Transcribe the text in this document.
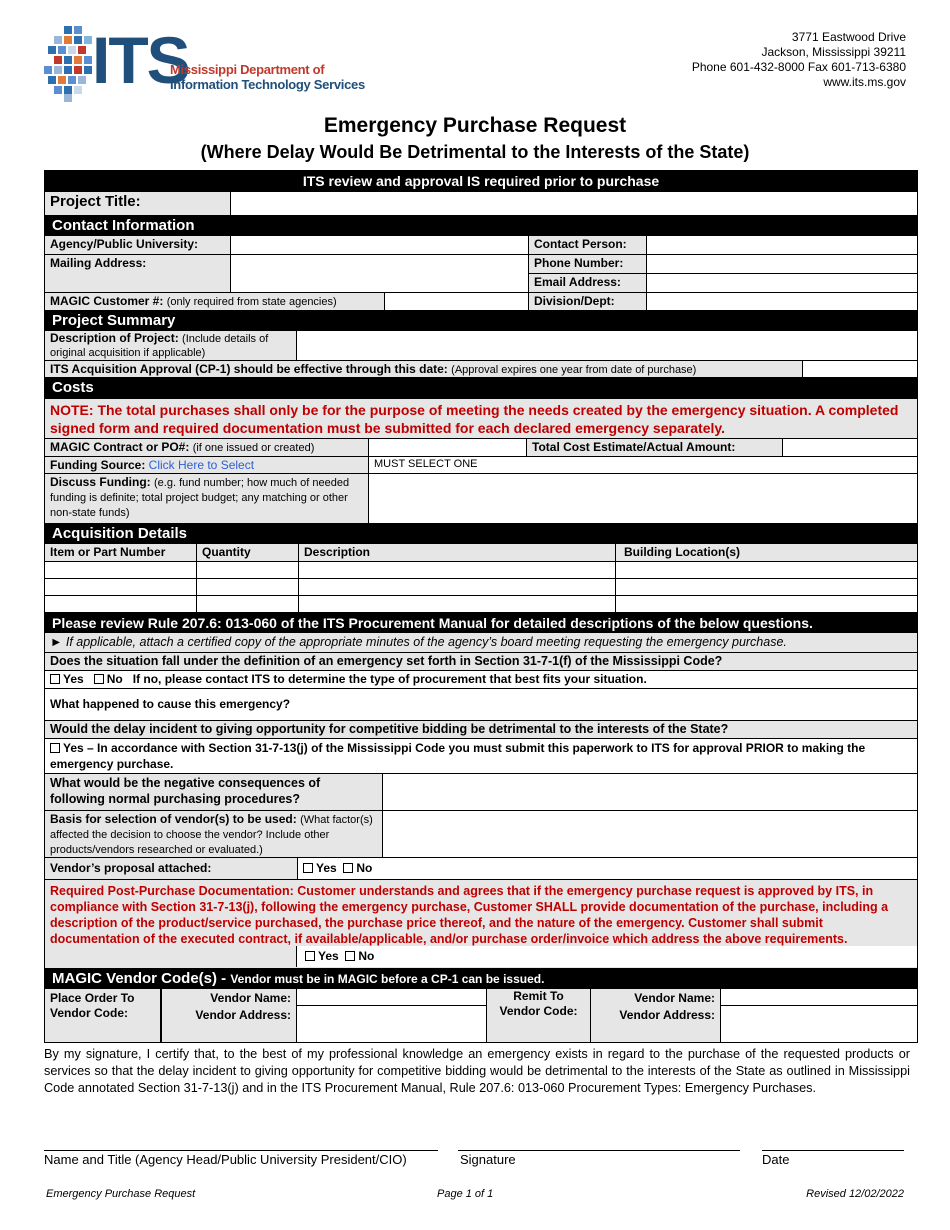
ITS
Mississippi Department of
Information Technology Services
3771 Eastwood Drive
Jackson, Mississippi 39211
Phone 601-432-8000 Fax 601-713-6380
www.its.ms.gov
Emergency Purchase Request
(Where Delay Would Be Detrimental to the Interests of the State)
ITS review and approval IS required prior to purchase
Project Title:
Contact Information
Agency/Public University:	Contact Person:
Mailing Address:	Phone Number:
Email Address:
MAGIC Customer #: (only required from state agencies)	Division/Dept:
Project Summary
Description of Project: (Include details of original acquisition if applicable)
ITS Acquisition Approval (CP-1) should be effective through this date: (Approval expires one year from date of purchase)
Costs
NOTE: The total purchases shall only be for the purpose of meeting the needs created by the emergency situation. A completed signed form and required documentation must be submitted for each declared emergency separately.
MAGIC Contract or PO#: (if one issued or created)	Total Cost Estimate/Actual Amount:
Funding Source: Click Here to Select	MUST SELECT ONE
Discuss Funding: (e.g. fund number; how much of needed funding is definite; total project budget; any matching or other non-state funds)
Acquisition Details
Item or Part Number	Quantity	Description	Building Location(s)
Please review Rule 207.6: 013-060 of the ITS Procurement Manual for detailed descriptions of the below questions.
► If applicable, attach a certified copy of the appropriate minutes of the agency’s board meeting requesting the emergency purchase.
Does the situation fall under the definition of an emergency set forth in Section 31-7-1(f) of the Mississippi Code?
Yes No If no, please contact ITS to determine the type of procurement that best fits your situation.
What happened to cause this emergency?
Would the delay incident to giving opportunity for competitive bidding be detrimental to the interests of the State?
Yes – In accordance with Section 31-7-13(j) of the Mississippi Code you must submit this paperwork to ITS for approval PRIOR to making the emergency purchase.
What would be the negative consequences of following normal purchasing procedures?
Basis for selection of vendor(s) to be used: (What factor(s) affected the decision to choose the vendor? Include other products/vendors researched or evaluated.)
Vendor’s proposal attached:	Yes No
Required Post-Purchase Documentation: Customer understands and agrees that if the emergency purchase request is approved by ITS, in compliance with Section 31-7-13(j), following the emergency purchase, Customer SHALL provide documentation of the purchase, including a description of the product/service purchased, the purchase price thereof, and the nature of the emergency. Customer shall submit documentation of the executed contract, if available/applicable, and/or purchase order/invoice which address the above requirements.
Yes No
MAGIC Vendor Code(s) - Vendor must be in MAGIC before a CP-1 can be issued.
Place Order To Vendor Code:
Vendor Name:
Vendor Address:
Remit To Vendor Code:
Vendor Name:
Vendor Address:
By my signature, I certify that, to the best of my professional knowledge an emergency exists in regard to the purchase of the requested products or services so that the delay incident to giving opportunity for competitive bidding would be detrimental to the interests of the State as outlined in Mississippi Code annotated Section 31-7-13(j) and in the ITS Procurement Manual, Rule 207.6: 013-060 Procurement Types: Emergency Purchases.
Name and Title (Agency Head/Public University President/CIO)	Signature	Date
Emergency Purchase Request	Page 1 of 1	Revised 12/02/2022
